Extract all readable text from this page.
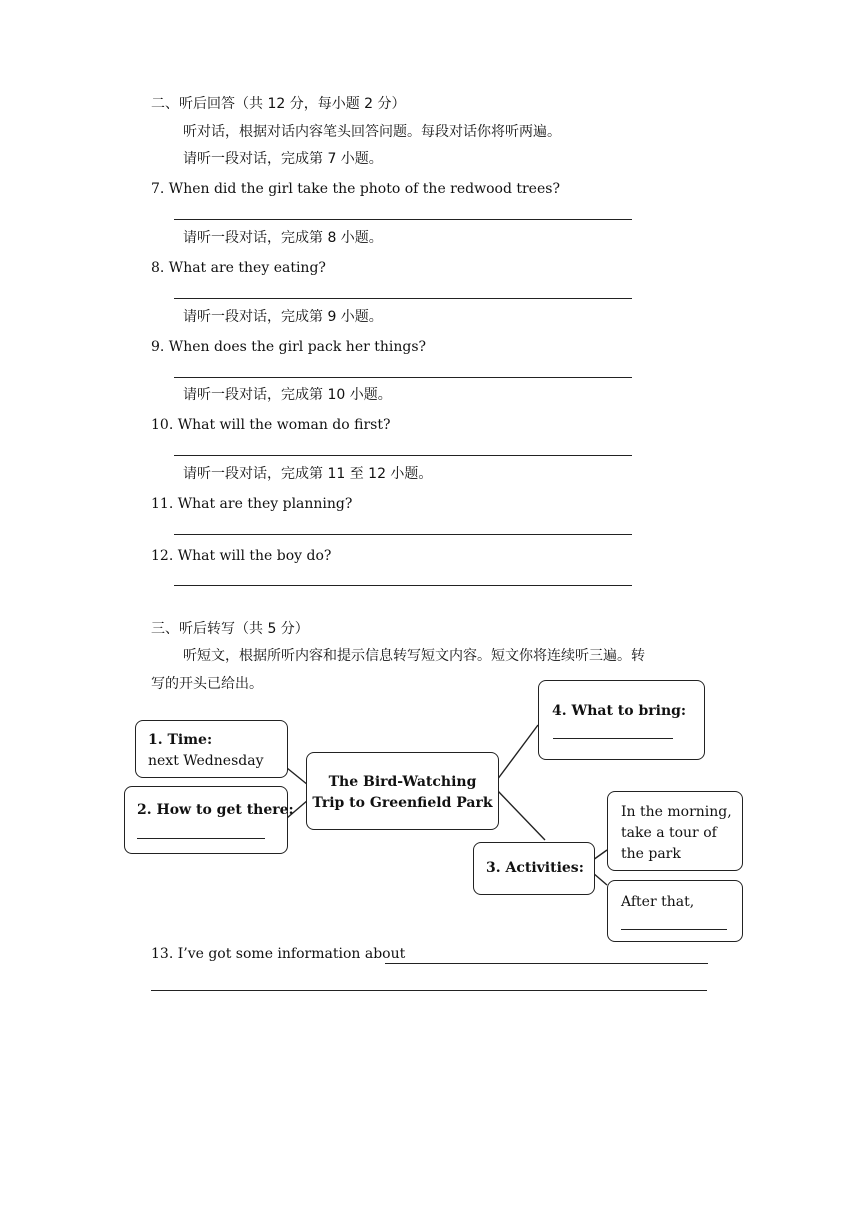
二、听后回答（共 12 分，每小题 2 分）
听对话，根据对话内容笔头回答问题。每段对话你将听两遍。
请听一段对话，完成第 7 小题。
7. When did the girl take the photo of the redwood trees?
请听一段对话，完成第 8 小题。
8. What are they eating?
请听一段对话，完成第 9 小题。
9. When does the girl pack her things?
请听一段对话，完成第 10 小题。
10. What will the woman do first?
请听一段对话，完成第 11 至 12 小题。
11. What are they planning?
12. What will the boy do?
三、听后转写（共 5 分）
听短文，根据所听内容和提示信息转写短文内容。短文你将连续听三遍。转
写的开头已给出。
1. Time:
next Wednesday
2. How to get there:
The Bird-Watching
Trip to Greenfield Park
4. What to bring:
3. Activities:
In the morning,
take a tour of
the park
After that,
13. I’ve got some information about
